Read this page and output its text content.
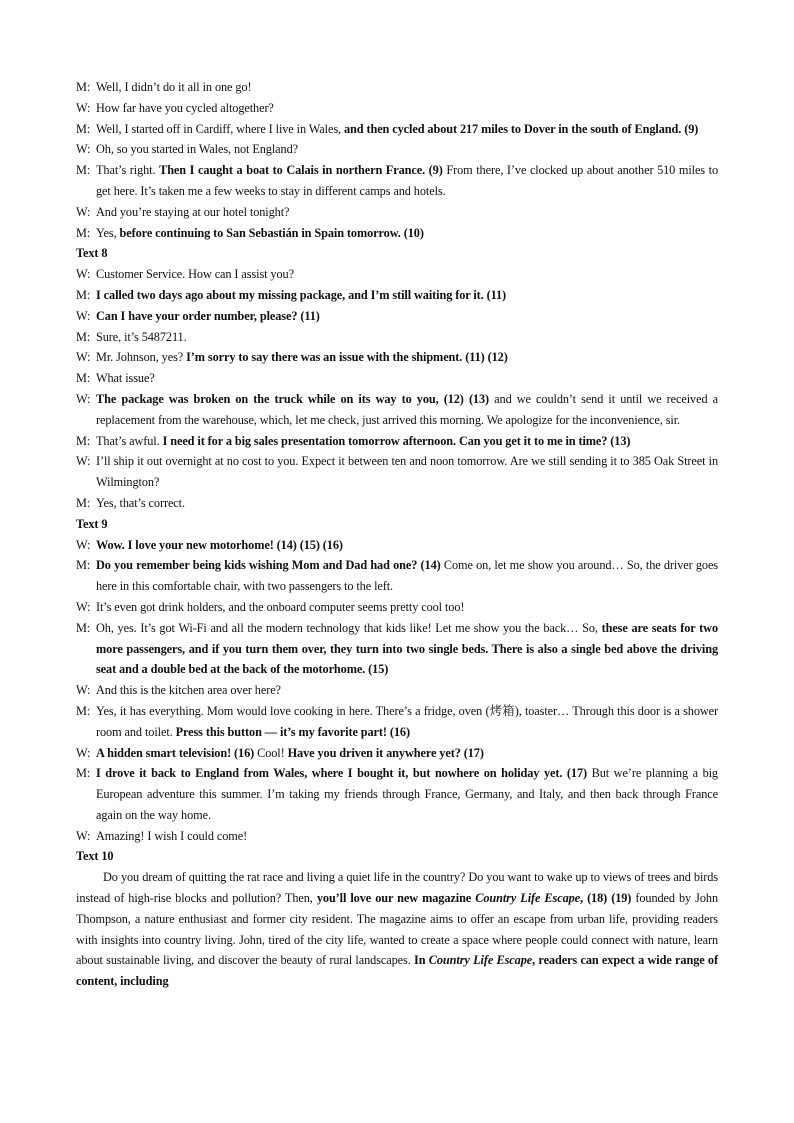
M: Well, I didn’t do it all in one go!
W: How far have you cycled altogether?
M: Well, I started off in Cardiff, where I live in Wales, and then cycled about 217 miles to Dover in the south of England. (9)
W: Oh, so you started in Wales, not England?
M: That’s right. Then I caught a boat to Calais in northern France. (9) From there, I’ve clocked up about another 510 miles to get here. It’s taken me a few weeks to stay in different camps and hotels.
W: And you’re staying at our hotel tonight?
M: Yes, before continuing to San Sebastián in Spain tomorrow. (10)
Text 8
W: Customer Service. How can I assist you?
M: I called two days ago about my missing package, and I’m still waiting for it. (11)
W: Can I have your order number, please? (11)
M: Sure, it’s 5487211.
W: Mr. Johnson, yes? I’m sorry to say there was an issue with the shipment. (11) (12)
M: What issue?
W: The package was broken on the truck while on its way to you, (12) (13) and we couldn’t send it until we received a replacement from the warehouse, which, let me check, just arrived this morning. We apologize for the inconvenience, sir.
M: That’s awful. I need it for a big sales presentation tomorrow afternoon. Can you get it to me in time? (13)
W: I’ll ship it out overnight at no cost to you. Expect it between ten and noon tomorrow. Are we still sending it to 385 Oak Street in Wilmington?
M: Yes, that’s correct.
Text 9
W: Wow. I love your new motorhome! (14) (15) (16)
M: Do you remember being kids wishing Mom and Dad had one? (14) Come on, let me show you around… So, the driver goes here in this comfortable chair, with two passengers to the left.
W: It’s even got drink holders, and the onboard computer seems pretty cool too!
M: Oh, yes. It’s got Wi-Fi and all the modern technology that kids like! Let me show you the back… So, these are seats for two more passengers, and if you turn them over, they turn into two single beds. There is also a single bed above the driving seat and a double bed at the back of the motorhome. (15)
W: And this is the kitchen area over here?
M: Yes, it has everything. Mom would love cooking in here. There’s a fridge, oven (烤箱), toaster… Through this door is a shower room and toilet. Press this button — it’s my favorite part! (16)
W: A hidden smart television! (16) Cool! Have you driven it anywhere yet? (17)
M: I drove it back to England from Wales, where I bought it, but nowhere on holiday yet. (17) But we’re planning a big European adventure this summer. I’m taking my friends through France, Germany, and Italy, and then back through France again on the way home.
W: Amazing! I wish I could come!
Text 10
Do you dream of quitting the rat race and living a quiet life in the country? Do you want to wake up to views of trees and birds instead of high-rise blocks and pollution? Then, you’ll love our new magazine Country Life Escape, (18) (19) founded by John Thompson, a nature enthusiast and former city resident. The magazine aims to offer an escape from urban life, providing readers with insights into country living. John, tired of the city life, wanted to create a space where people could connect with nature, learn about sustainable living, and discover the beauty of rural landscapes. In Country Life Escape, readers can expect a wide range of content, including
